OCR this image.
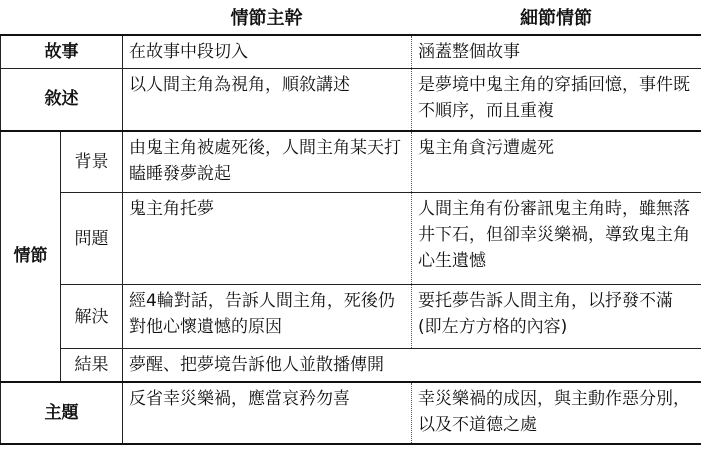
情節主幹	細節情節
故事		在故事中段切入	涵蓋整個故事
敘述		以人間主角為視角，順敘講述	是夢境中鬼主角的穿插回憶，事件既不順序，而且重複
情節	背景	由鬼主角被處死後，人間主角某天打瞌睡發夢說起	鬼主角貪污遭處死
	問題	鬼主角托夢	人間主角有份審訊鬼主角時，雖無落井下石，但卻幸災樂禍，導致鬼主角心生遺憾
	解決	經4輪對話，告訴人間主角，死後仍對他心懷遺憾的原因	要托夢告訴人間主角，以抒發不滿(即左方方格的內容)
	結果	夢醒、把夢境告訴他人並散播傳開	
主題		反省幸災樂禍，應當哀矜勿喜	幸災樂禍的成因，與主動作惡分別，以及不道德之處
